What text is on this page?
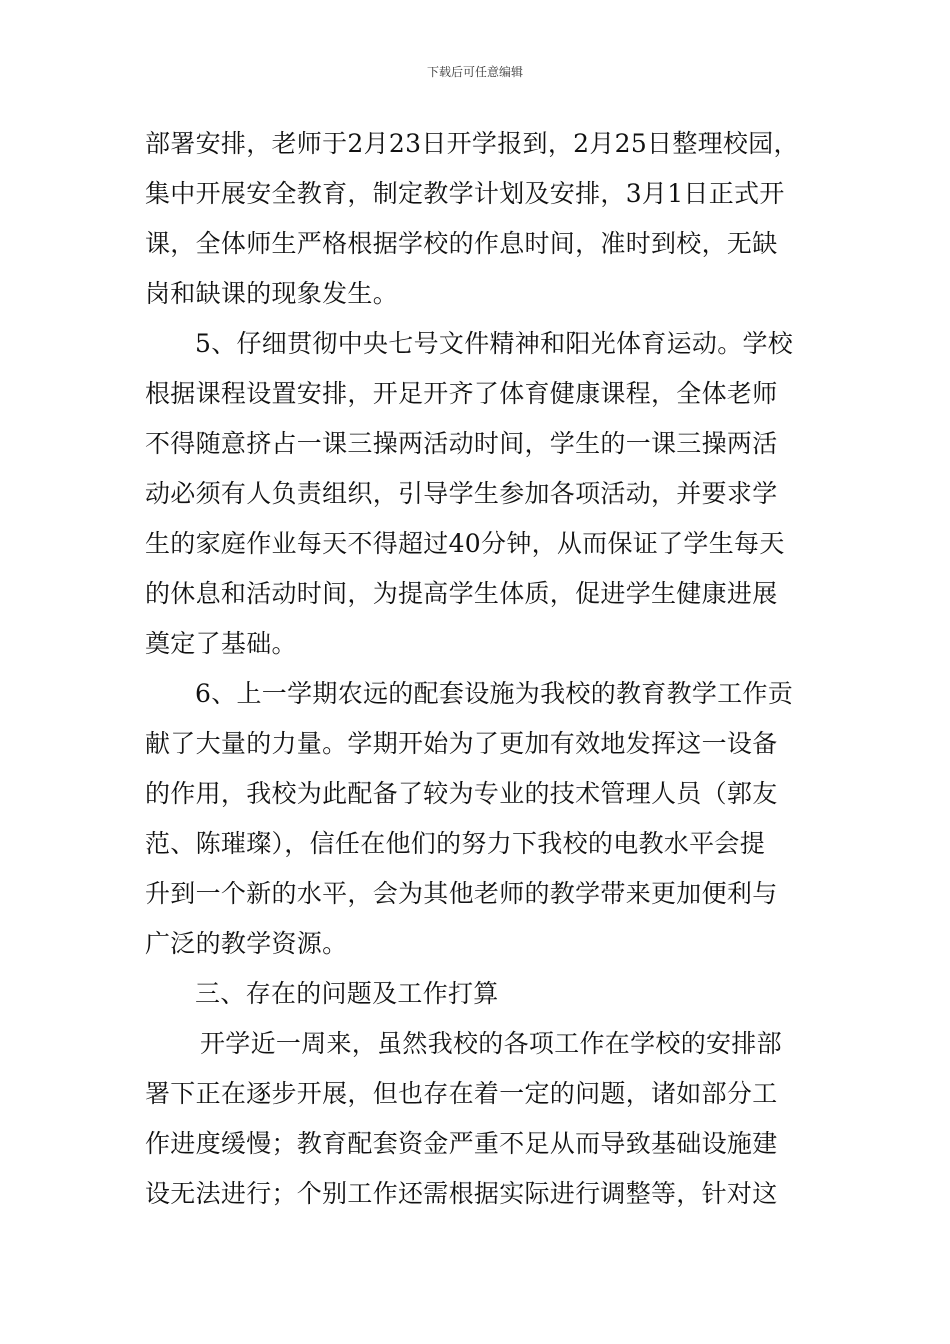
下载后可任意编辑
部署安排，老师于2月23日开学报到，2月25日整理校园，
集中开展安全教育，制定教学计划及安排，3月1日正式开
课，全体师生严格根据学校的作息时间，准时到校，无缺
岗和缺课的现象发生。
5、仔细贯彻中央七号文件精神和阳光体育运动。学校
根据课程设置安排，开足开齐了体育健康课程，全体老师
不得随意挤占一课三操两活动时间，学生的一课三操两活
动必须有人负责组织，引导学生参加各项活动，并要求学
生的家庭作业每天不得超过40分钟，从而保证了学生每天
的休息和活动时间，为提高学生体质，促进学生健康进展
奠定了基础。
6、上一学期农远的配套设施为我校的教育教学工作贡
献了大量的力量。学期开始为了更加有效地发挥这一设备
的作用，我校为此配备了较为专业的技术管理人员（郭友
范、陈璀璨），信任在他们的努力下我校的电教水平会提
升到一个新的水平，会为其他老师的教学带来更加便利与
广泛的教学资源。
三、存在的问题及工作打算
开学近一周来，虽然我校的各项工作在学校的安排部
署下正在逐步开展，但也存在着一定的问题，诸如部分工
作进度缓慢；教育配套资金严重不足从而导致基础设施建
设无法进行；个别工作还需根据实际进行调整等，针对这
